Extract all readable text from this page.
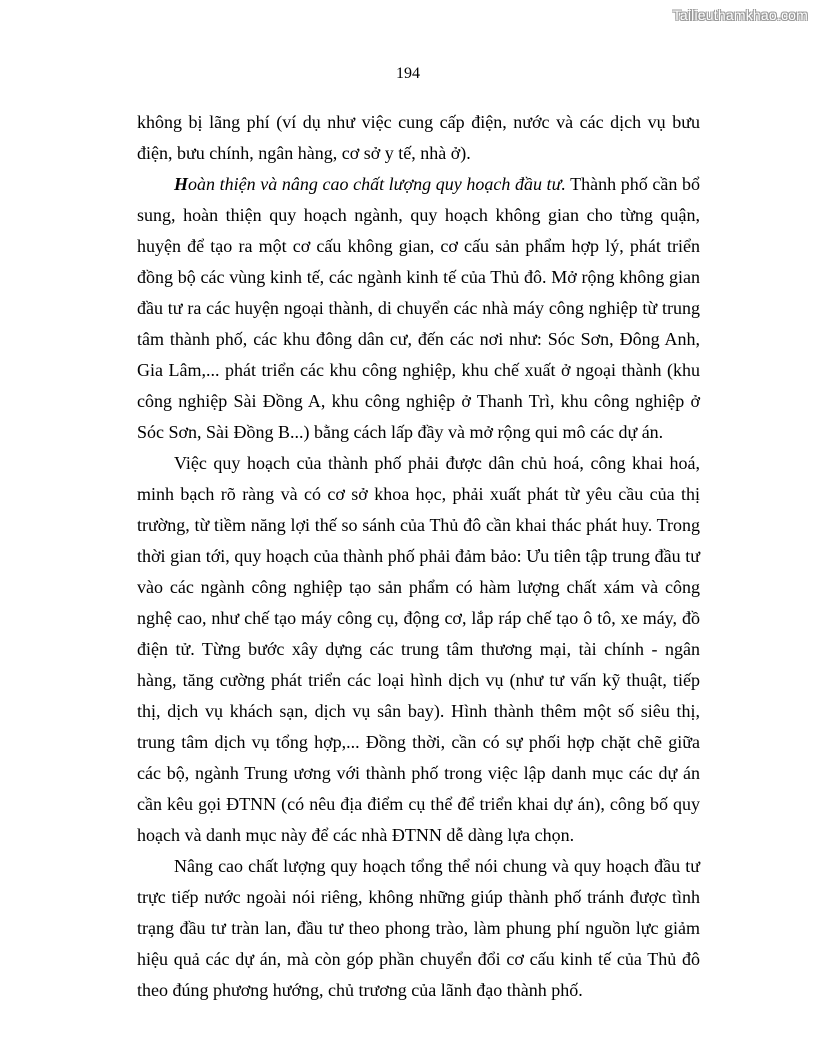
Tailieuthamkhao.com
194

không bị lãng phí (ví dụ như việc cung cấp điện, nước và các dịch vụ bưu điện, bưu chính, ngân hàng, cơ sở y tế, nhà ở).

Hoàn thiện và nâng cao chất lượng quy hoạch đầu tư. Thành phố cần bổ sung, hoàn thiện quy hoạch ngành, quy hoạch không gian cho từng quận, huyện để tạo ra một cơ cấu không gian, cơ cấu sản phẩm hợp lý, phát triển đồng bộ các vùng kinh tế, các ngành kinh tế của Thủ đô. Mở rộng không gian đầu tư ra các huyện ngoại thành, di chuyển các nhà máy công nghiệp từ trung tâm thành phố, các khu đông dân cư, đến các nơi như: Sóc Sơn, Đông Anh, Gia Lâm,... phát triển các khu công nghiệp, khu chế xuất ở ngoại thành (khu công nghiệp Sài Đồng A, khu công nghiệp ở Thanh Trì, khu công nghiệp ở Sóc Sơn, Sài Đồng B...) bằng cách lấp đầy và mở rộng qui mô các dự án.

Việc quy hoạch của thành phố phải được dân chủ hoá, công khai hoá, minh bạch rõ ràng và có cơ sở khoa học, phải xuất phát từ yêu cầu của thị trường, từ tiềm năng lợi thế so sánh của Thủ đô cần khai thác phát huy. Trong thời gian tới, quy hoạch của thành phố phải đảm bảo: Ưu tiên tập trung đầu tư vào các ngành công nghiệp tạo sản phẩm có hàm lượng chất xám và công nghệ cao, như chế tạo máy công cụ, động cơ, lắp ráp chế tạo ô tô, xe máy, đồ điện tử. Từng bước xây dựng các trung tâm thương mại, tài chính - ngân hàng, tăng cường phát triển các loại hình dịch vụ (như tư vấn kỹ thuật, tiếp thị, dịch vụ khách sạn, dịch vụ sân bay). Hình thành thêm một số siêu thị, trung tâm dịch vụ tổng hợp,... Đồng thời, cần có sự phối hợp chặt chẽ giữa các bộ, ngành Trung ương với thành phố trong việc lập danh mục các dự án cần kêu gọi ĐTNN (có nêu địa điểm cụ thể để triển khai dự án), công bố quy hoạch và danh mục này để các nhà ĐTNN dễ dàng lựa chọn.

Nâng cao chất lượng quy hoạch tổng thể nói chung và quy hoạch đầu tư trực tiếp nước ngoài nói riêng, không những giúp thành phố tránh được tình trạng đầu tư tràn lan, đầu tư theo phong trào, làm phung phí nguồn lực giảm hiệu quả các dự án, mà còn góp phần chuyển đổi cơ cấu kinh tế của Thủ đô theo đúng phương hướng, chủ trương của lãnh đạo thành phố.
